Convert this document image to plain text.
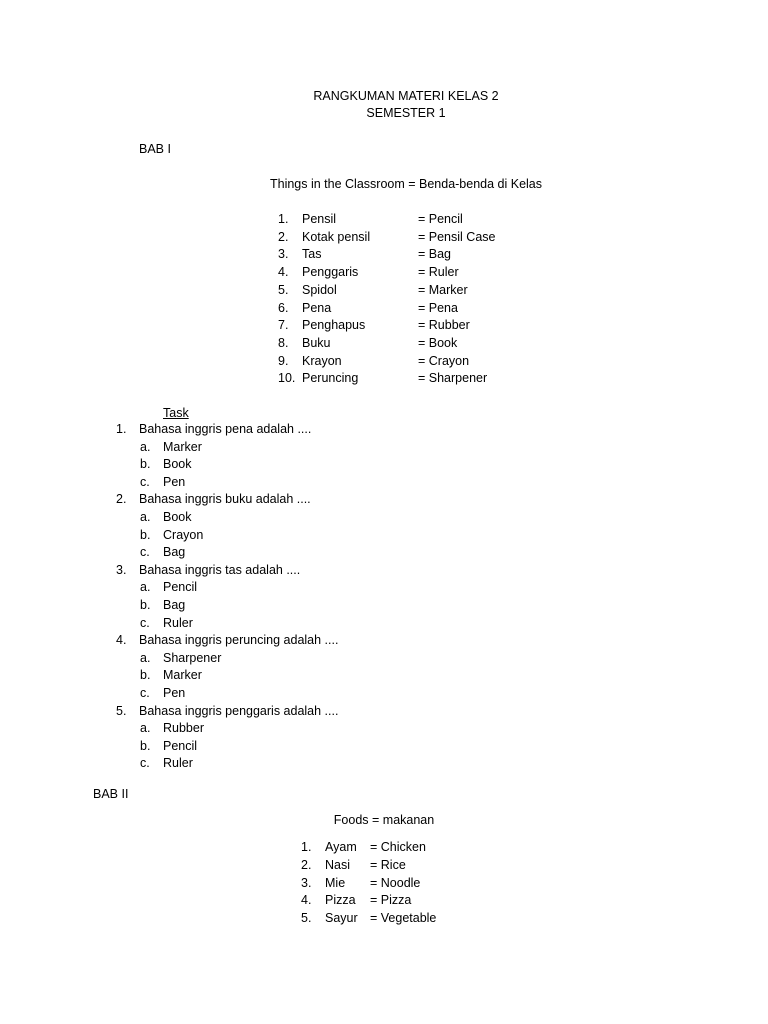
RANGKUMAN MATERI KELAS 2
SEMESTER 1
BAB I
Things in the Classroom = Benda-benda di Kelas
1. Pensil	= Pencil
2. Kotak pensil	= Pensil Case
3. Tas	= Bag
4. Penggaris	= Ruler
5. Spidol	= Marker
6. Pena	= Pena
7. Penghapus	= Rubber
8. Buku	= Book
9. Krayon	= Crayon
10. Peruncing	= Sharpener
Task
1. Bahasa inggris pena adalah ....
a. Marker
b. Book
c. Pen
2. Bahasa inggris buku adalah ....
a. Book
b. Crayon
c. Bag
3. Bahasa inggris tas adalah ....
a. Pencil
b. Bag
c. Ruler
4. Bahasa inggris peruncing adalah ....
a. Sharpener
b. Marker
c. Pen
5. Bahasa inggris penggaris adalah ....
a. Rubber
b. Pencil
c. Ruler
BAB II
Foods = makanan
1. Ayam = Chicken
2. Nasi = Rice
3. Mie = Noodle
4. Pizza = Pizza
5. Sayur = Vegetable
